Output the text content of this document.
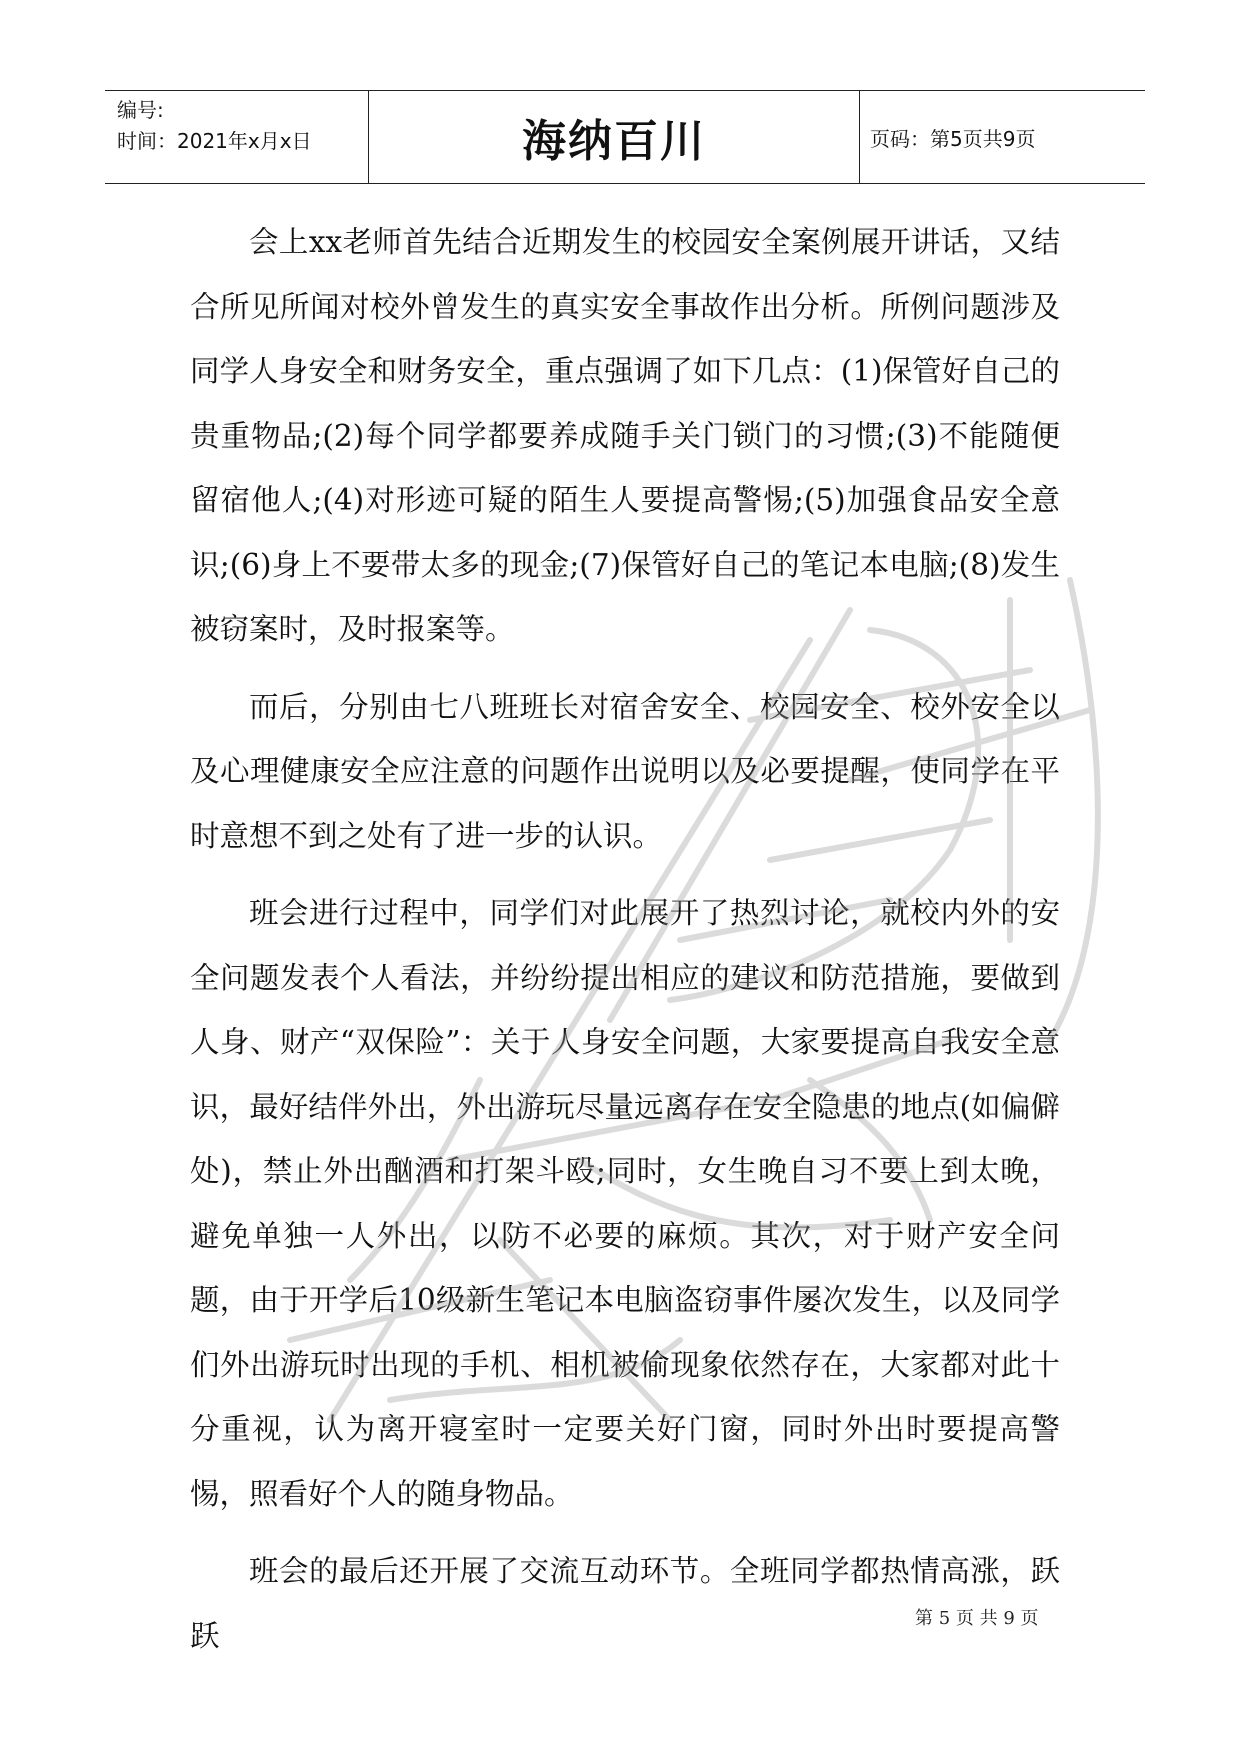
编号:
时间：2021年x月x日	海纳百川	页码：第5页共9页

会上xx老师首先结合近期发生的校园安全案例展开讲话，又结合所见所闻对校外曾发生的真实安全事故作出分析。所例问题涉及同学人身安全和财务安全，重点强调了如下几点：(1)保管好自己的贵重物品;(2)每个同学都要养成随手关门锁门的习惯;(3)不能随便留宿他人;(4)对形迹可疑的陌生人要提高警惕;(5)加强食品安全意识;(6)身上不要带太多的现金;(7)保管好自己的笔记本电脑;(8)发生被窃案时，及时报案等。

而后，分别由七八班班长对宿舍安全、校园安全、校外安全以及心理健康安全应注意的问题作出说明以及必要提醒，使同学在平时意想不到之处有了进一步的认识。

班会进行过程中，同学们对此展开了热烈讨论，就校内外的安全问题发表个人看法，并纷纷提出相应的建议和防范措施，要做到人身、财产“双保险”：关于人身安全问题，大家要提高自我安全意识，最好结伴外出，外出游玩尽量远离存在安全隐患的地点(如偏僻处)，禁止外出酗酒和打架斗殴;同时，女生晚自习不要上到太晚，避免单独一人外出，以防不必要的麻烦。其次，对于财产安全问题，由于开学后10级新生笔记本电脑盗窃事件屡次发生，以及同学们外出游玩时出现的手机、相机被偷现象依然存在，大家都对此十分重视，认为离开寝室时一定要关好门窗，同时外出时要提高警惕，照看好个人的随身物品。

班会的最后还开展了交流互动环节。全班同学都热情高涨，跃跃	第 5 页 共 9 页
